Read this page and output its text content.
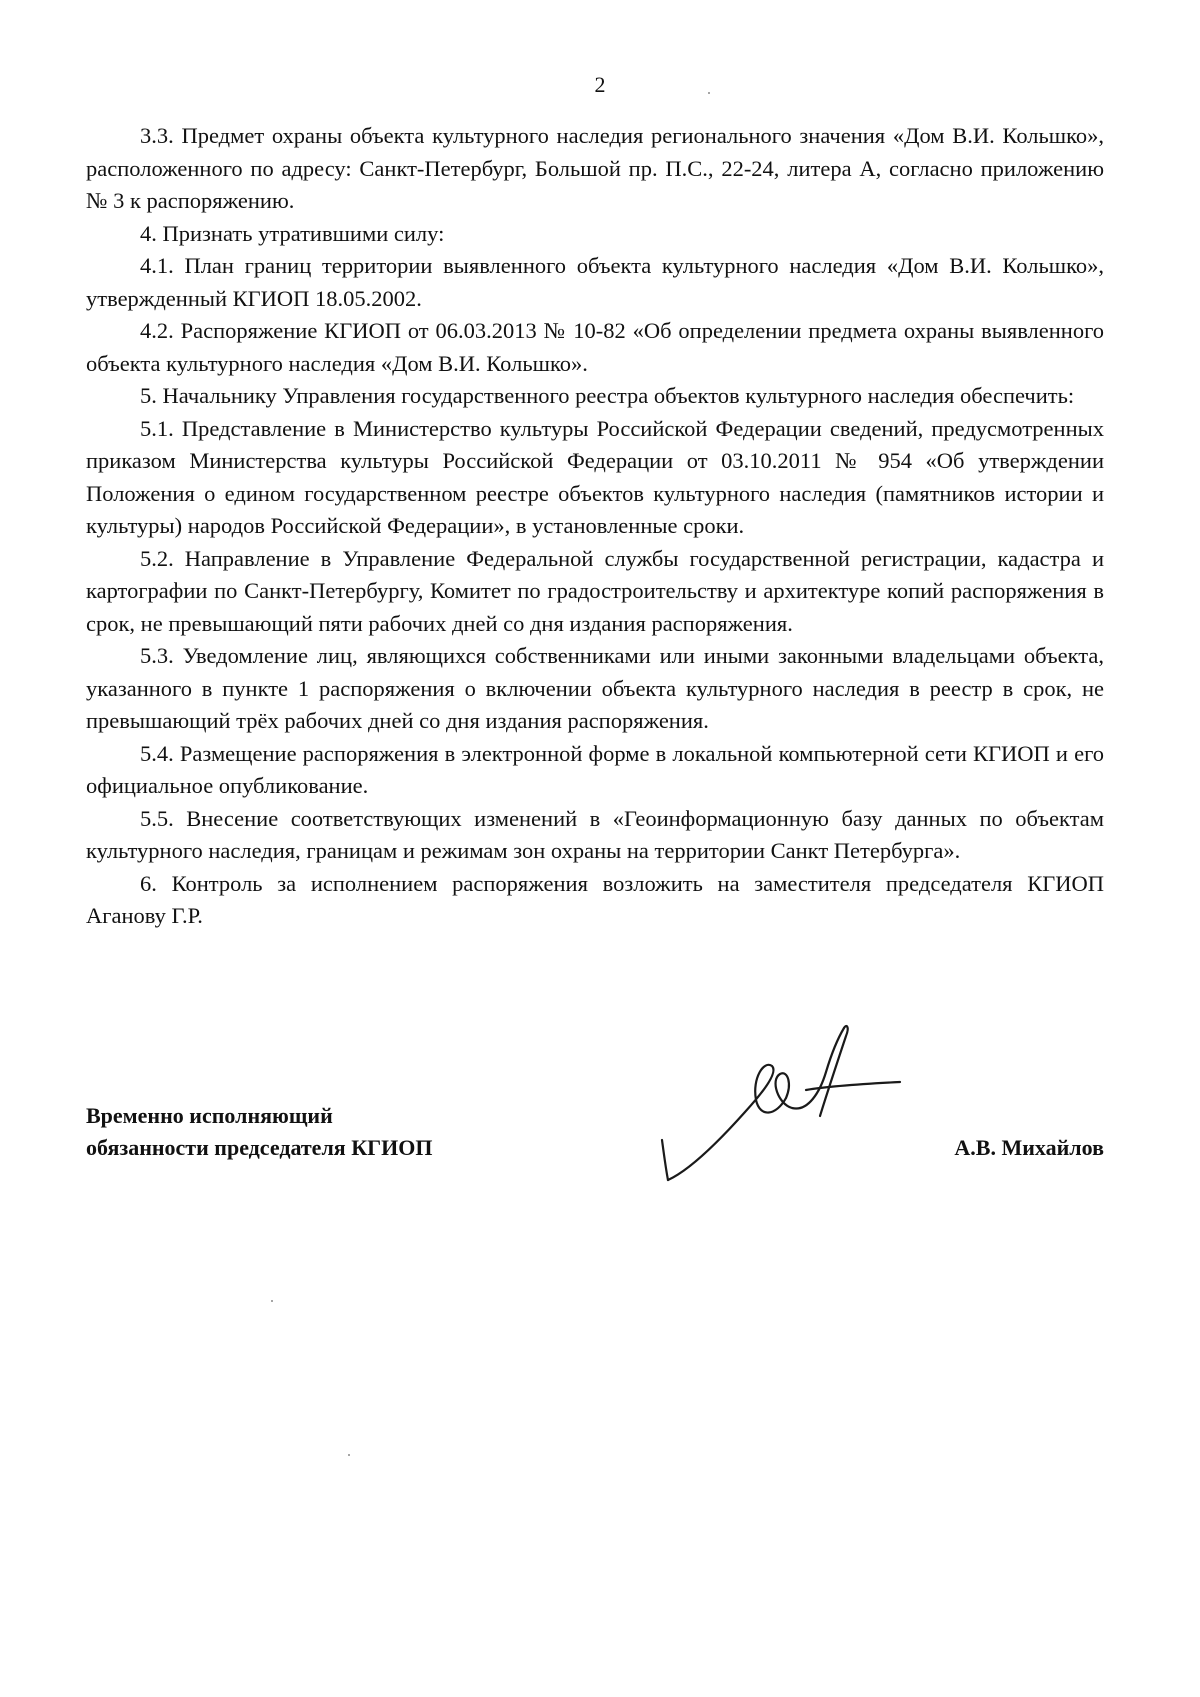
2

3.3. Предмет охраны объекта культурного наследия регионального значения «Дом В.И. Кольшко», расположенного по адресу: Санкт-Петербург, Большой пр. П.С., 22-24, литера А, согласно приложению № 3 к распоряжению.

4. Признать утратившими силу:

4.1. План границ территории выявленного объекта культурного наследия «Дом В.И. Кольшко», утвержденный КГИОП 18.05.2002.

4.2. Распоряжение КГИОП от 06.03.2013 № 10-82 «Об определении предмета охраны выявленного объекта культурного наследия «Дом В.И. Кольшко».

5. Начальнику Управления государственного реестра объектов культурного наследия обеспечить:

5.1. Представление в Министерство культуры Российской Федерации сведений, предусмотренных приказом Министерства культуры Российской Федерации от 03.10.2011 № 954 «Об утверждении Положения о едином государственном реестре объектов культурного наследия (памятников истории и культуры) народов Российской Федерации», в установленные сроки.

5.2. Направление в Управление Федеральной службы государственной регистрации, кадастра и картографии по Санкт-Петербургу, Комитет по градостроительству и архитектуре копий распоряжения в срок, не превышающий пяти рабочих дней со дня издания распоряжения.

5.3. Уведомление лиц, являющихся собственниками или иными законными владельцами объекта, указанного в пункте 1 распоряжения о включении объекта культурного наследия в реестр в срок, не превышающий трёх рабочих дней со дня издания распоряжения.

5.4. Размещение распоряжения в электронной форме в локальной компьютерной сети КГИОП и его официальное опубликование.

5.5. Внесение соответствующих изменений в «Геоинформационную базу данных по объектам культурного наследия, границам и режимам зон охраны на территории Санкт Петербурга».

6. Контроль за исполнением распоряжения возложить на заместителя председателя КГИОП Аганову Г.Р.

Временно исполняющий
обязанности председателя КГИОП	А.В. Михайлов
